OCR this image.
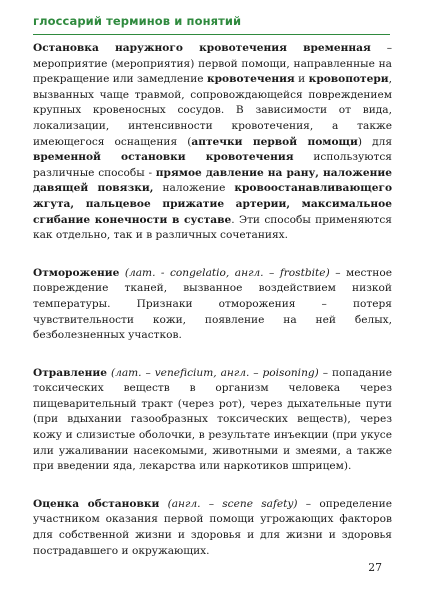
глоссарий терминов и понятий

Остановка наружного кровотечения временная – мероприятие (мероприятия) первой помощи, направленные на прекращение или замедление кровотечения и кровопотери, вызванных чаще травмой, сопровождающейся повреждением крупных кровеносных сосудов. В зависимости от вида, локализации, интенсивности кровотечения, а также имеющегося оснащения (аптечки первой помощи) для временной остановки кровотечения используются различные способы - прямое давление на рану, наложение давящей повязки, наложение кровоостанавливающего жгута, пальцевое прижатие артерии, максимальное сгибание конечности в суставе. Эти способы применяются как отдельно, так и в различных сочетаниях.

Отморожение (лат. - congelatio, англ. – frostbite) – местное повреждение тканей, вызванное воздействием низкой температуры. Признаки отморожения – потеря чувствительности кожи, появление на ней белых, безболезненных участков.

Отравление (лат. – veneficium, англ. – poisoning) – попадание токсических веществ в организм человека через пищеварительный тракт (через рот), через дыхательные пути (при вдыхании газообразных токсических веществ), через кожу и слизистые оболочки, в результате инъекции (при укусе или ужаливании насекомыми, животными и змеями, а также при введении яда, лекарства или наркотиков шприцем).

Оценка обстановки (англ. – scene safety) – определение участником оказания первой помощи угрожающих факторов для собственной жизни и здоровья и для жизни и здоровья пострадавшего и окружающих.

27
